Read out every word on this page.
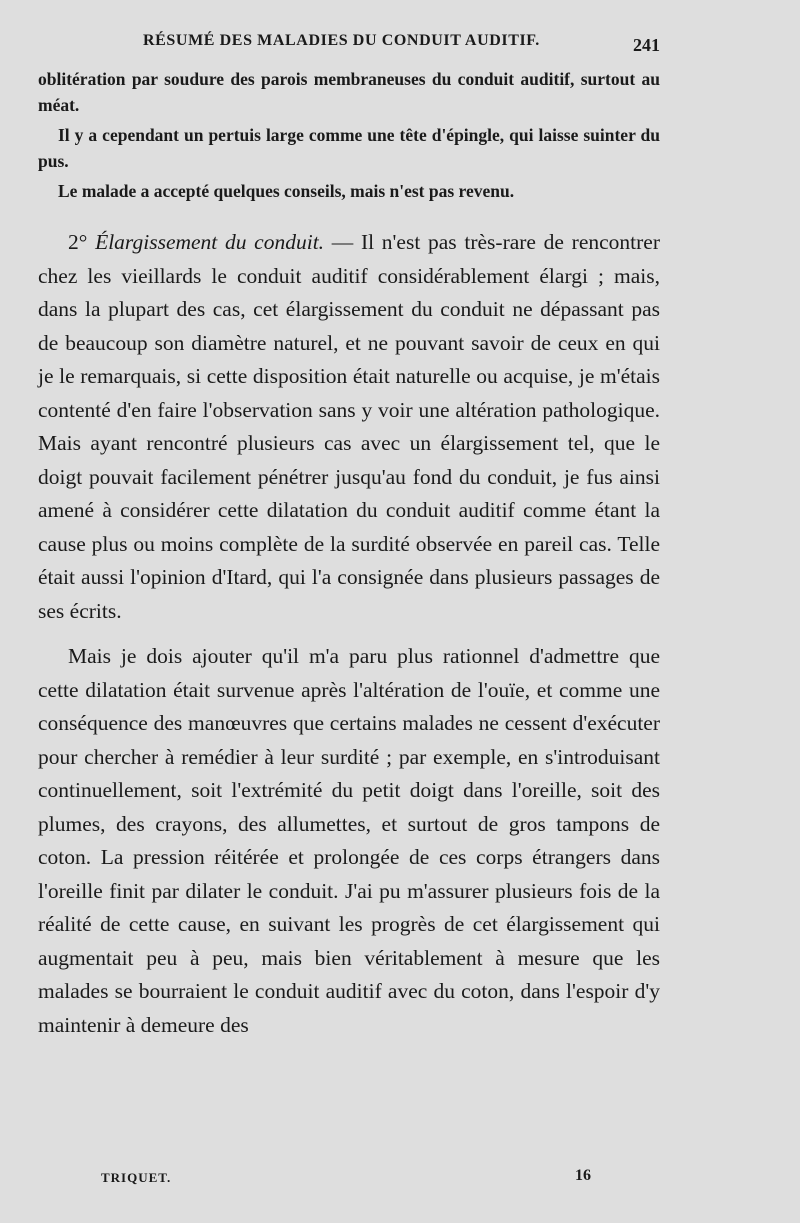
RÉSUMÉ DES MALADIES DU CONDUIT AUDITIF.	241

oblitération par soudure des parois membraneuses du conduit auditif, surtout au méat.

Il y a cependant un pertuis large comme une tête d'épingle, qui laisse suinter du pus.

Le malade a accepté quelques conseils, mais n'est pas revenu.

2° Élargissement du conduit. — Il n'est pas très-rare de rencontrer chez les vieillards le conduit auditif considérablement élargi ; mais, dans la plupart des cas, cet élargissement du conduit ne dépassant pas de beaucoup son diamètre naturel, et ne pouvant savoir de ceux en qui je le remarquais, si cette disposition était naturelle ou acquise, je m'étais contenté d'en faire l'observation sans y voir une altération pathologique. Mais ayant rencontré plusieurs cas avec un élargissement tel, que le doigt pouvait facilement pénétrer jusqu'au fond du conduit, je fus ainsi amené à considérer cette dilatation du conduit auditif comme étant la cause plus ou moins complète de la surdité observée en pareil cas. Telle était aussi l'opinion d'Itard, qui l'a consignée dans plusieurs passages de ses écrits.

Mais je dois ajouter qu'il m'a paru plus rationnel d'admettre que cette dilatation était survenue après l'altération de l'ouïe, et comme une conséquence des manœuvres que certains malades ne cessent d'exécuter pour chercher à remédier à leur surdité ; par exemple, en s'introduisant continuellement, soit l'extrémité du petit doigt dans l'oreille, soit des plumes, des crayons, des allumettes, et surtout de gros tampons de coton. La pression réitérée et prolongée de ces corps étrangers dans l'oreille finit par dilater le conduit. J'ai pu m'assurer plusieurs fois de la réalité de cette cause, en suivant les progrès de cet élargissement qui augmentait peu à peu, mais bien véritablement à mesure que les malades se bourraient le conduit auditif avec du coton, dans l'espoir d'y maintenir à demeure des

TRIQUET.	16
